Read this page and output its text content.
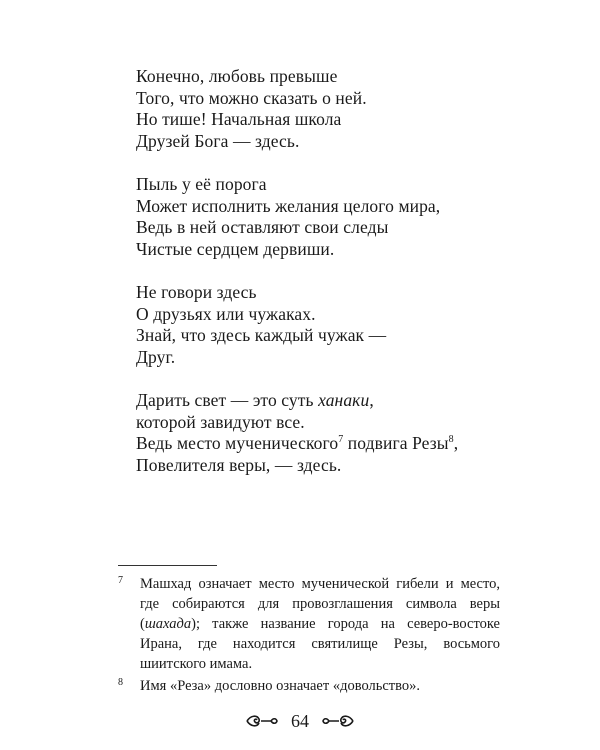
Конечно, любовь превыше
Того, что можно сказать о ней.
Но тише! Начальная школа
Друзей Бога — здесь.
Пыль у её порога
Может исполнить желания целого мира,
Ведь в ней оставляют свои следы
Чистые сердцем дервиши.
Не говори здесь
О друзьях или чужаках.
Знай, что здесь каждый чужак —
Друг.
Дарить свет — это суть ханаки,
которой завидуют все.
Ведь место мученического$^7$ подвига Резы$^8$,
Повелителя веры, — здесь.
7 Машхад означает место мученической гибели и место, где собираются для провозглашения символа веры (шахада); также название города на северо-востоке Ирана, где находится святилище Резы, восьмого шиитского имама.
8 Имя «Реза» дословно означает «довольство».
64
